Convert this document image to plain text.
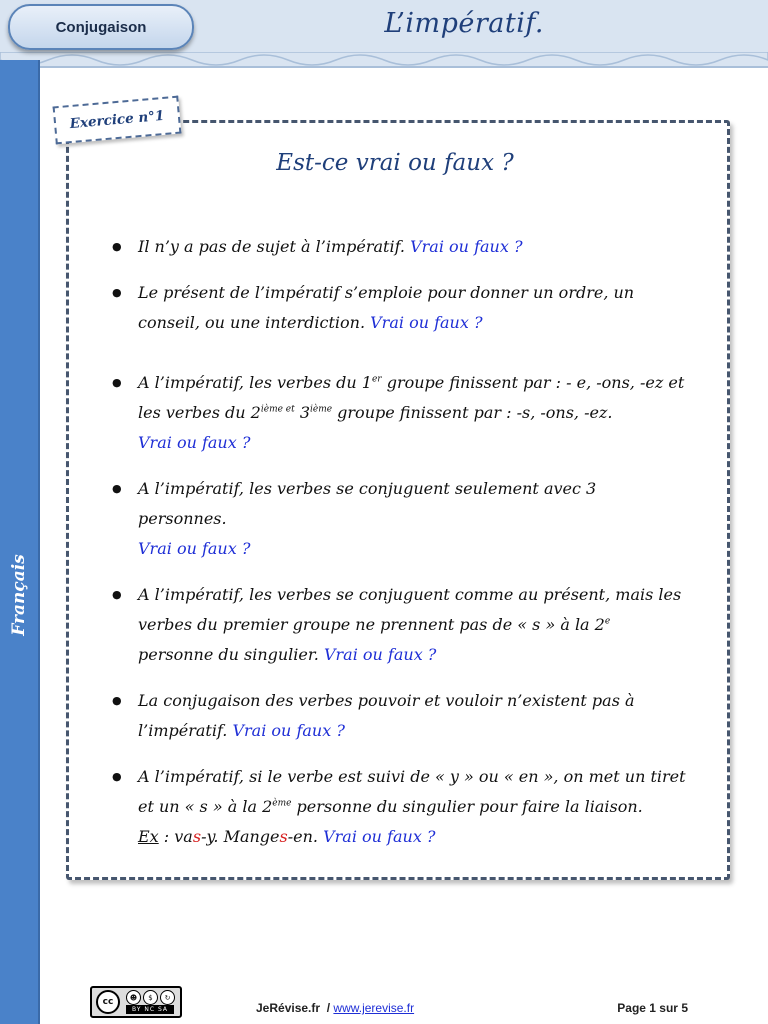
Conjugaison	L’impératif.
Français
Exercice n°1
Est-ce vrai ou faux ?
● Il n’y a pas de sujet à l’impératif. Vrai ou faux ?
● Le présent de l’impératif s’emploie pour donner un ordre, un conseil, ou une interdiction. Vrai ou faux ?
● A l’impératif, les verbes du 1er groupe finissent par : - e, -ons, -ez et les verbes du $2^{ième et}$ 3ième groupe finissent par : -s, -ons, -ez.
Vrai ou faux ?
● A l’impératif, les verbes se conjuguent seulement avec 3 personnes.
Vrai ou faux ?
● A l’impératif, les verbes se conjuguent comme au présent, mais les verbes du premier groupe ne prennent pas de « s » à la 2e personne du singulier. Vrai ou faux ?
● La conjugaison des verbes pouvoir et vouloir n’existent pas à l’impératif. Vrai ou faux ?
● A l’impératif, si le verbe est suivi de « y » ou « en », on met un tiret et un « s » à la 2ème personne du singulier pour faire la liaison.
Ex : vas-y. Manges-en. Vrai ou faux ?
cc	☻	$	↻
BY NC SA	JeRévise.fr / www.jerevise.fr	Page 1 sur 5
